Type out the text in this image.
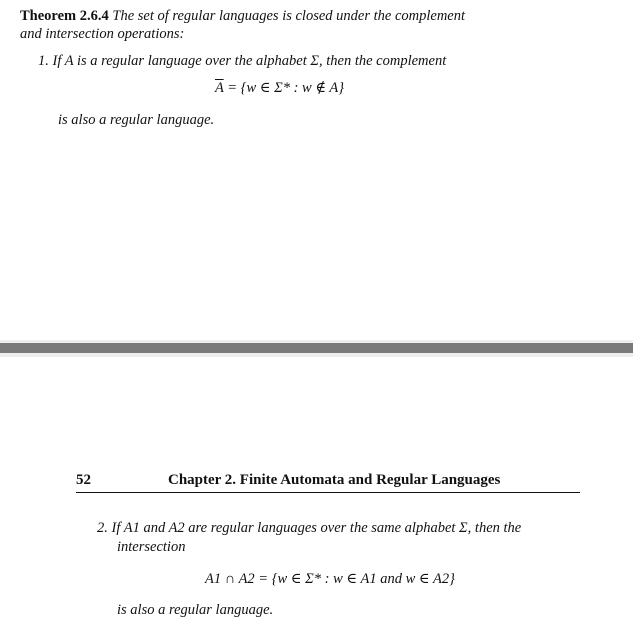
Theorem 2.6.4 The set of regular languages is closed under the complement
and intersection operations:
1. If A is a regular language over the alphabet Σ, then the complement
$\overline{A} = \{w$ ∈ Σ* : w ∉ A}
is also a regular language.
52	Chapter 2. Finite Automata and Regular Languages
2. If A1 and A2 are regular languages over the same alphabet Σ, then the
intersection
A1 ∩ A2 = {w ∈ Σ* : w ∈ A1 and w ∈ A2}
is also a regular language.
